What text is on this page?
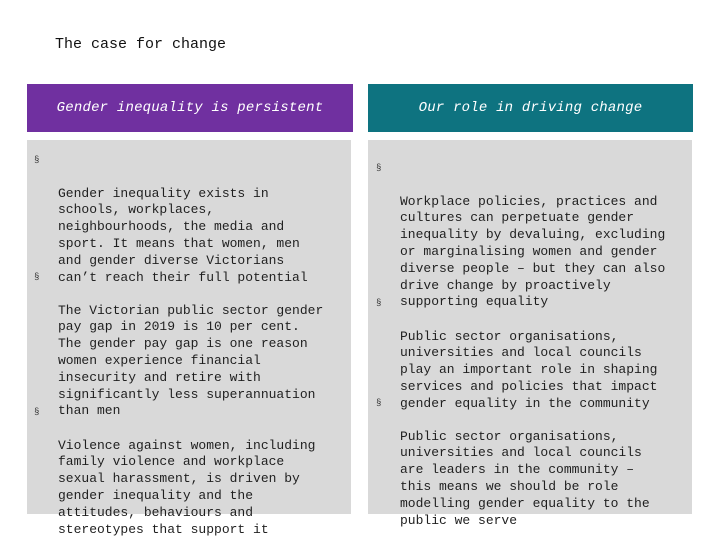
The case for change
Gender inequality is persistent	Our role in driving change

§

Gender inequality exists in
schools, workplaces,
neighbourhoods, the media and
sport. It means that women, men
and gender diverse Victorians
can’t reach their full potential

§

The Victorian public sector gender
pay gap in 2019 is 10 per cent.
The gender pay gap is one reason
women experience financial
insecurity and retire with
significantly less superannuation
than men

§

Violence against women, including
family violence and workplace
sexual harassment, is driven by
gender inequality and the
attitudes, behaviours and
stereotypes that support it

§

Workplace policies, practices and
cultures can perpetuate gender
inequality by devaluing, excluding
or marginalising women and gender
diverse people – but they can also
drive change by proactively
supporting equality

§

Public sector organisations,
universities and local councils
play an important role in shaping
services and policies that impact
gender equality in the community

§

Public sector organisations,
universities and local councils
are leaders in the community –
this means we should be role
modelling gender equality to the
public we serve
